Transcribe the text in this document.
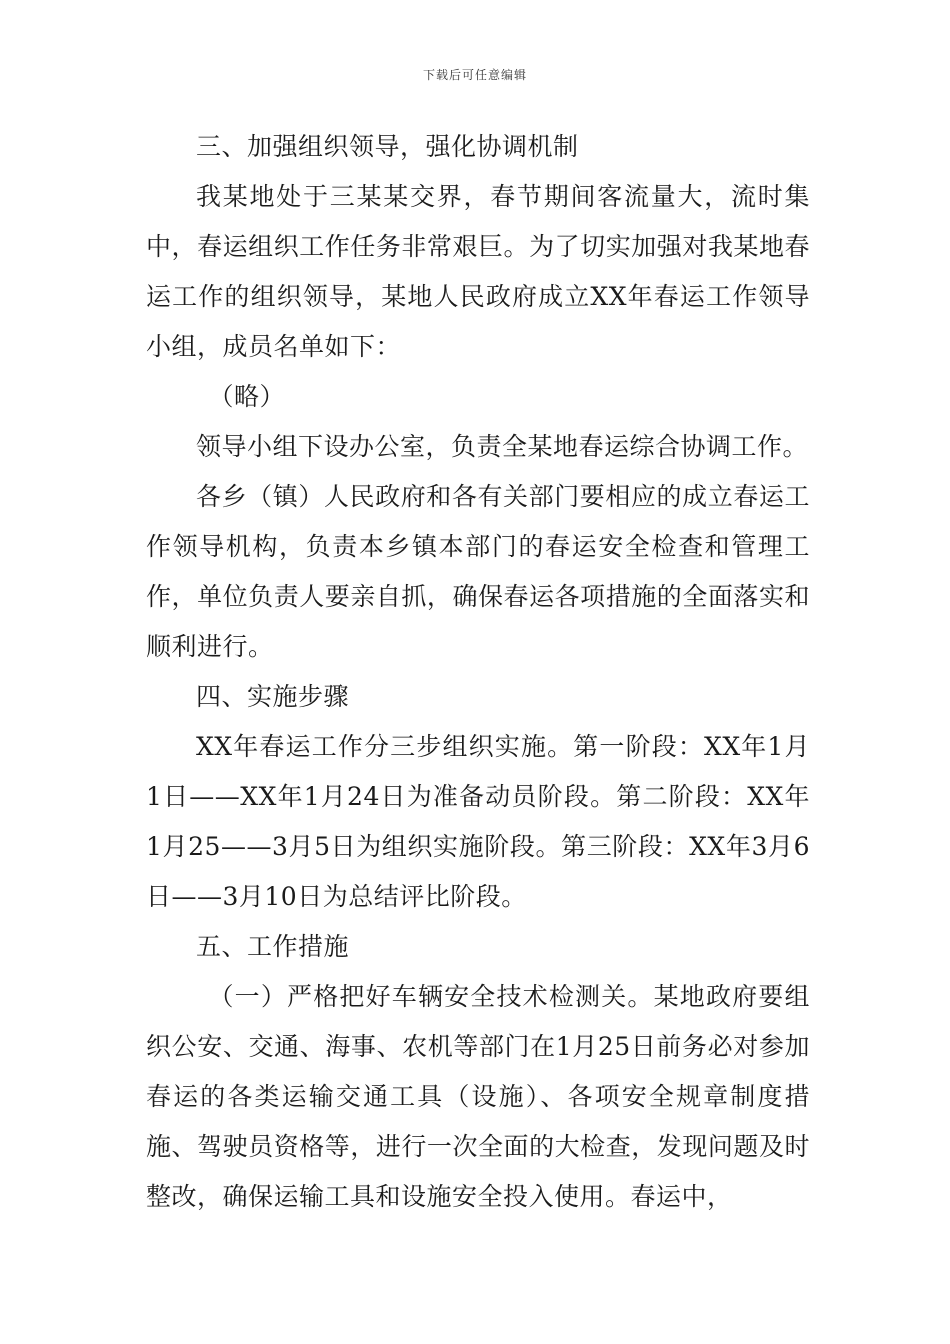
下载后可任意编辑

三、加强组织领导，强化协调机制

我某地处于三某某交界，春节期间客流量大，流时集中，春运组织工作任务非常艰巨。为了切实加强对我某地春运工作的组织领导，某地人民政府成立XX年春运工作领导小组，成员名单如下：

（略）

领导小组下设办公室，负责全某地春运综合协调工作。

各乡（镇）人民政府和各有关部门要相应的成立春运工作领导机构，负责本乡镇本部门的春运安全检查和管理工作，单位负责人要亲自抓，确保春运各项措施的全面落实和顺利进行。

四、实施步骤

XX年春运工作分三步组织实施。第一阶段：XX年1月1日——XX年1月24日为准备动员阶段。第二阶段：XX年1月25——3月5日为组织实施阶段。第三阶段：XX年3月6日——3月10日为总结评比阶段。

五、工作措施

（一）严格把好车辆安全技术检测关。某地政府要组织公安、交通、海事、农机等部门在1月25日前务必对参加春运的各类运输交通工具（设施）、各项安全规章制度措施、驾驶员资格等，进行一次全面的大检查，发现问题及时整改，确保运输工具和设施安全投入使用。春运中，
